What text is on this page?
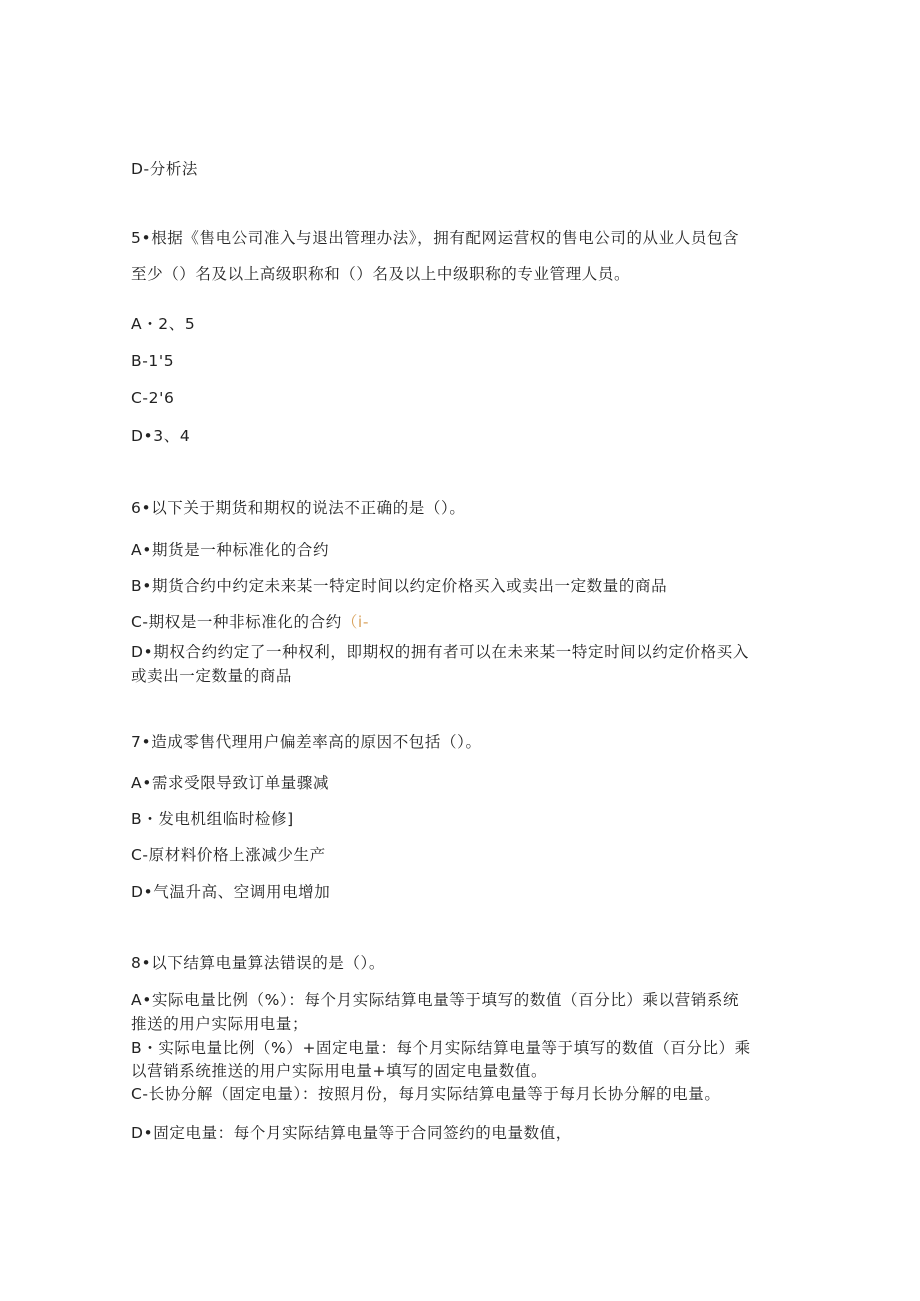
D-分析法
5•根据《售电公司准入与退出管理办法》，拥有配网运营权的售电公司的从业人员包含
至少（）名及以上高级职称和（）名及以上中级职称的专业管理人员。
A・2、5
B-1'5
C-2'6
D•3、4
6•以下关于期货和期权的说法不正确的是（）。
A•期货是一种标准化的合约
B•期货合约中约定未来某一特定时间以约定价格买入或卖出一定数量的商品
C-期权是一种非标准化的合约（i-
D•期权合约约定了一种权利，即期权的拥有者可以在未来某一特定时间以约定价格买入
或卖出一定数量的商品
7•造成零售代理用户偏差率高的原因不包括（）。
A•需求受限导致订单量骤减
B・发电机组临时检修]
C-原材料价格上涨减少生产
D•气温升高、空调用电增加
8•以下结算电量算法错误的是（）。
A•实际电量比例（%）：每个月实际结算电量等于填写的数值（百分比）乘以营销系统
推送的用户实际用电量；
B・实际电量比例（%）+固定电量：每个月实际结算电量等于填写的数值（百分比）乘
以营销系统推送的用户实际用电量+填写的固定电量数值。
C-长协分解（固定电量）：按照月份，每月实际结算电量等于每月长协分解的电量。
D•固定电量：每个月实际结算电量等于合同签约的电量数值，
